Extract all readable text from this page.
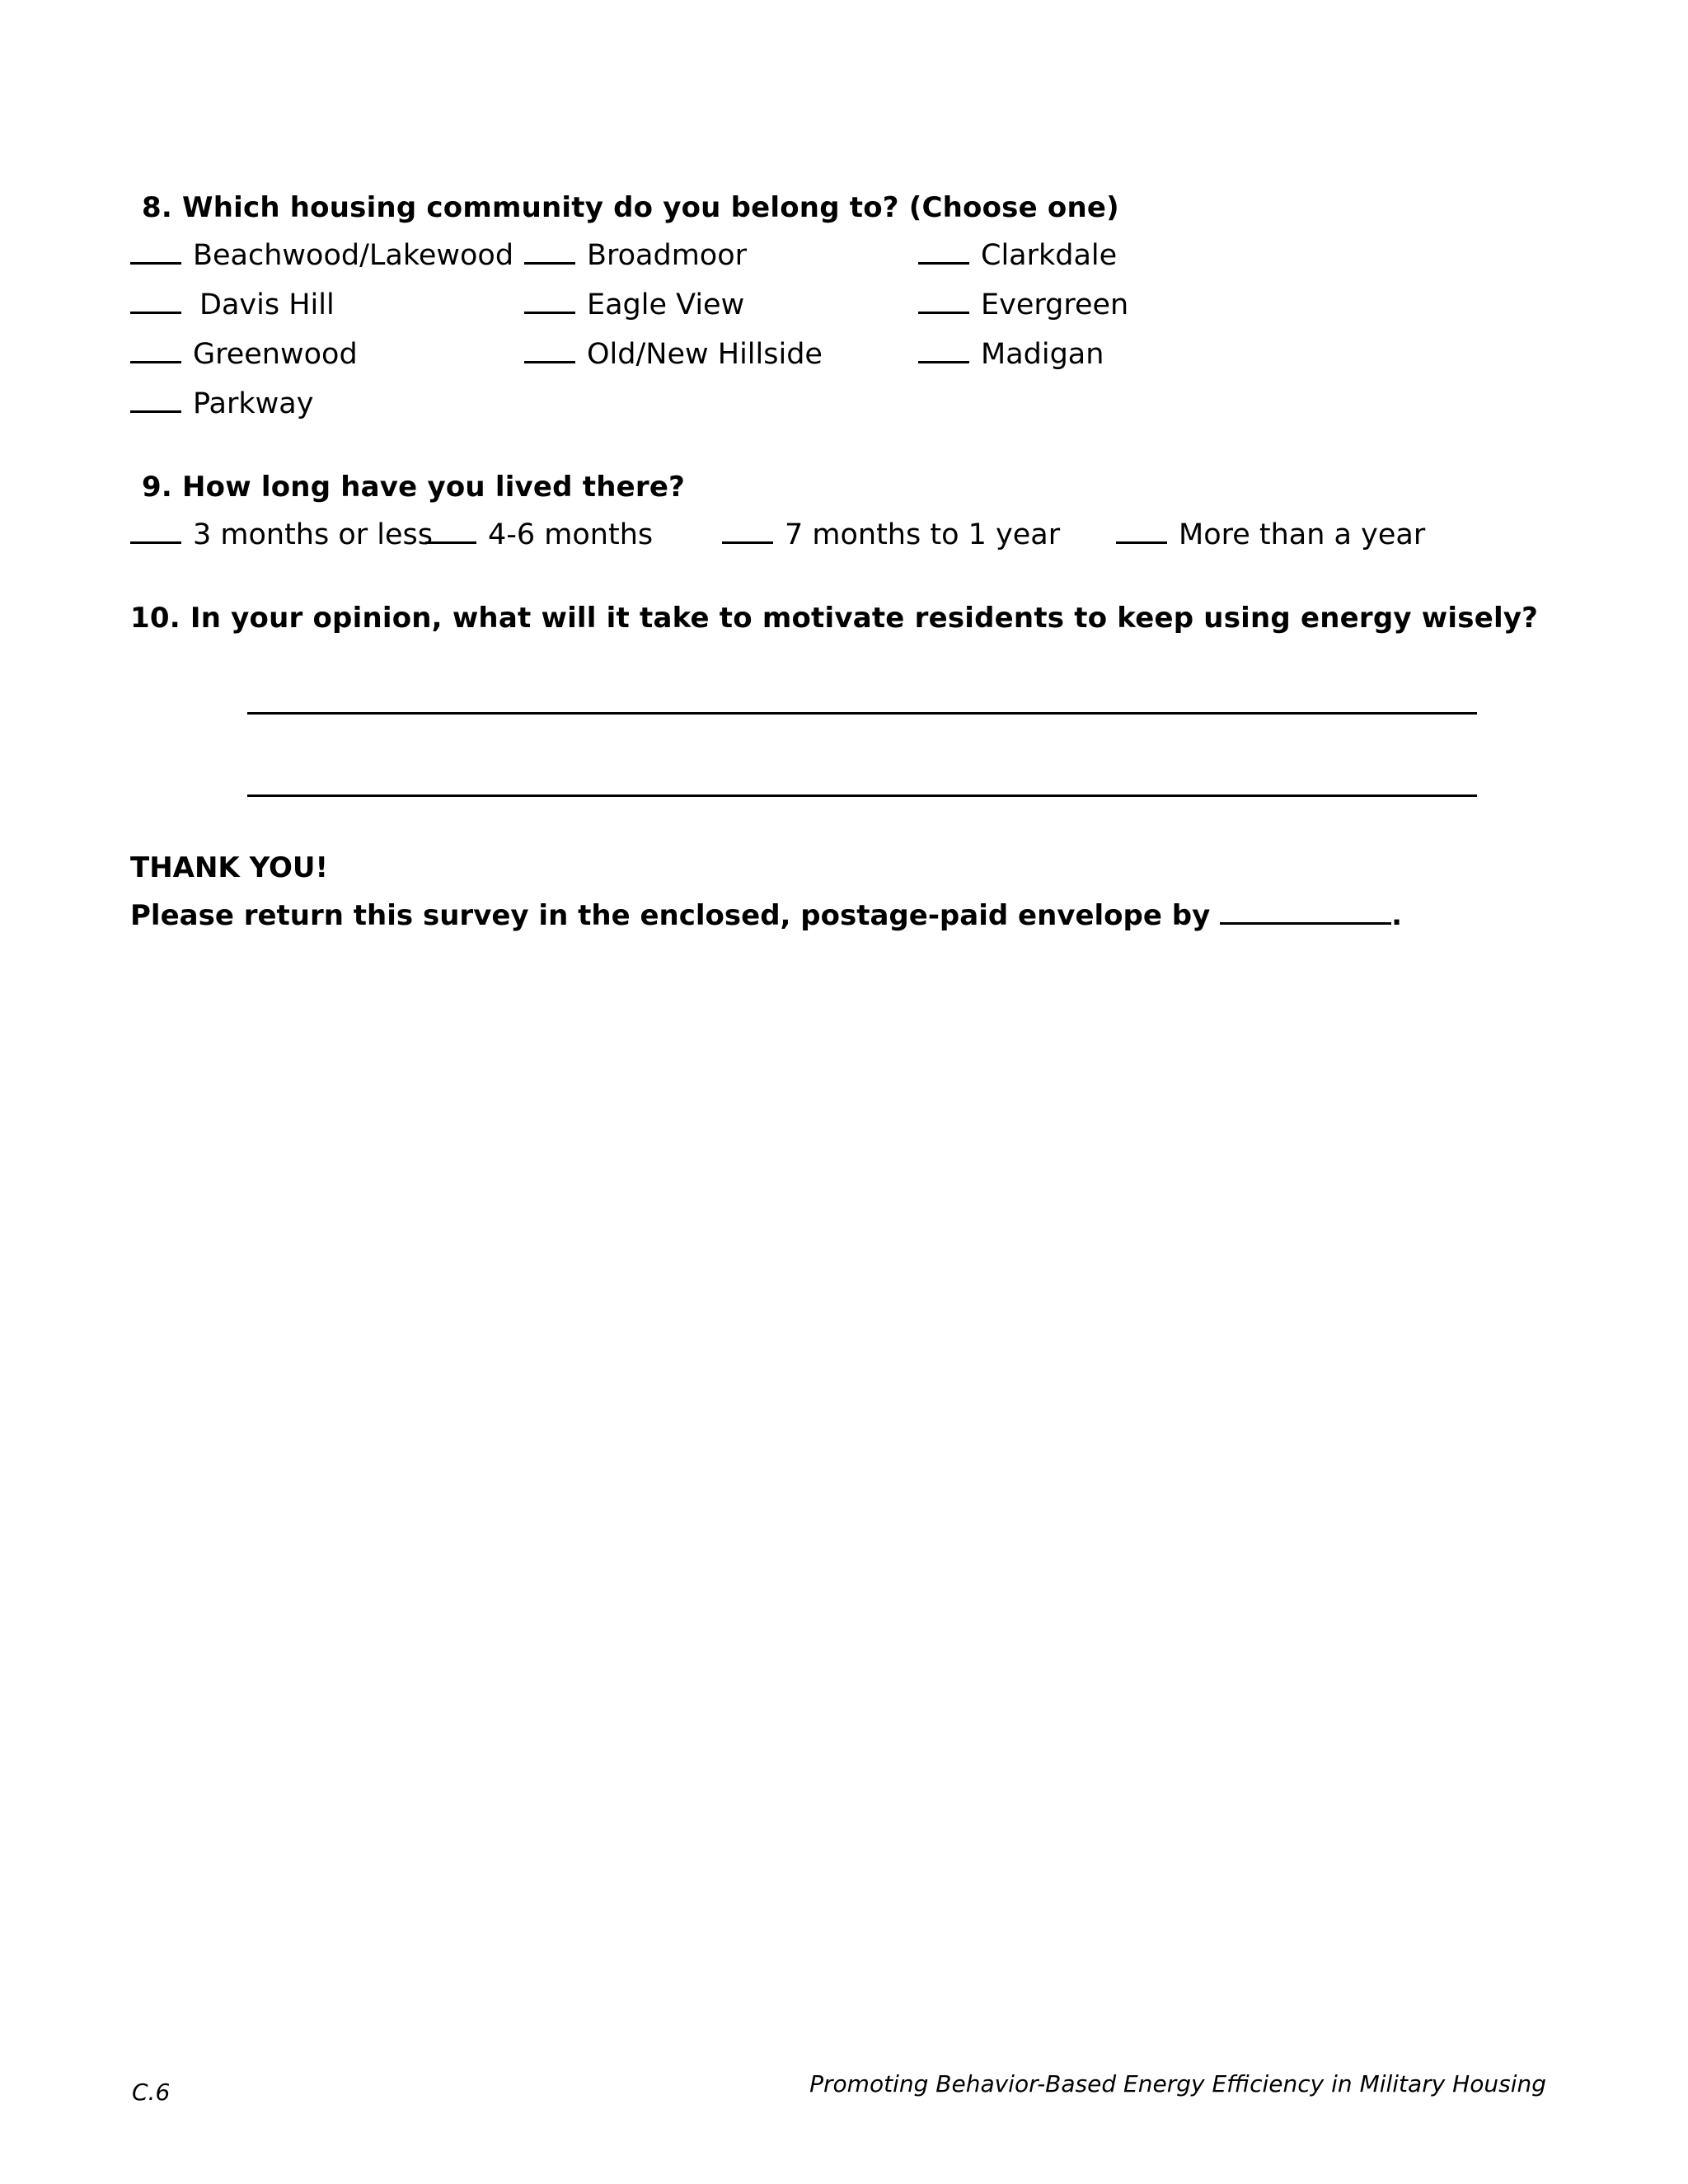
8. Which housing community do you belong to? (Choose one)
Beachwood/Lakewood	Broadmoor	Clarkdale
Davis Hill	Eagle View	Evergreen
Greenwood	Old/New Hillside	Madigan
Parkway
9. How long have you lived there?
3 months or less	4-6 months	7 months to 1 year	More than a year
10. In your opinion, what will it take to motivate residents to keep using energy wisely?
THANK YOU!
Please return this survey in the enclosed, postage-paid envelope by	.
C.6	Promoting Behavior-Based Energy Efficiency in Military Housing
